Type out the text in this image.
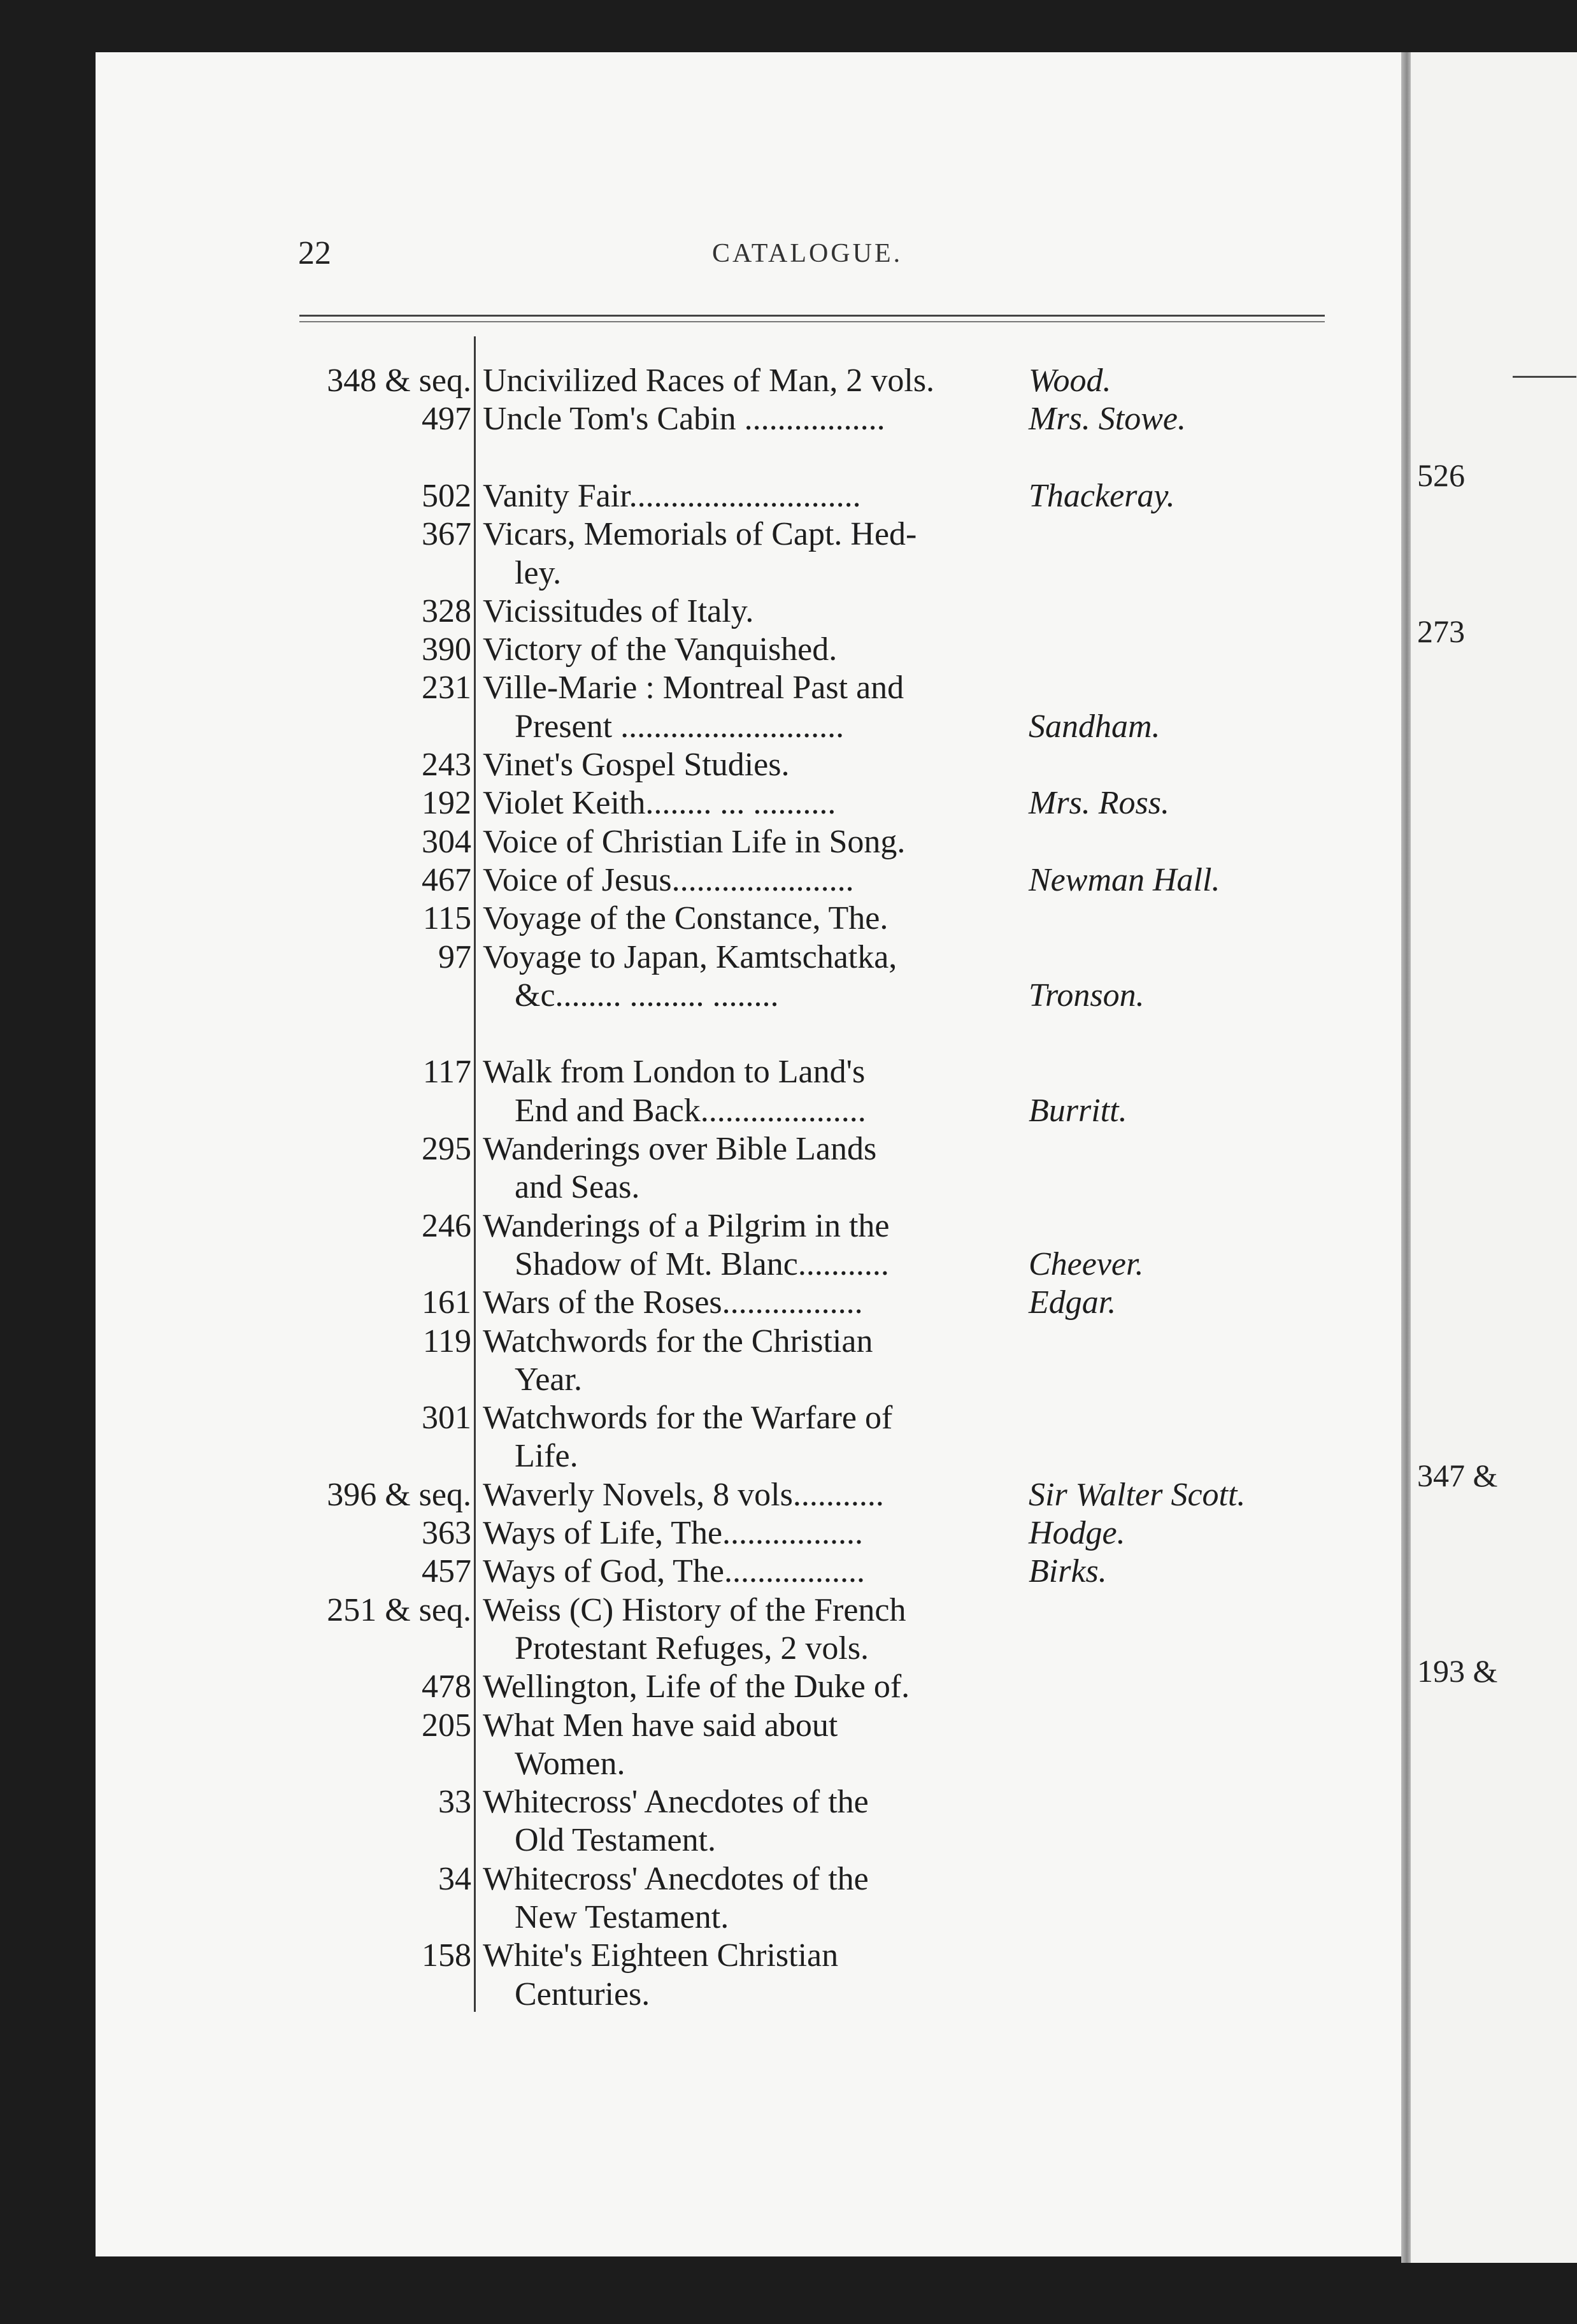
526
273
347 &
193 &
22	CATALOGUE.
348 & seq. Uncivilized Races of Man, 2 vols.	Wood.
497 Uncle Tom's Cabin .................	Mrs. Stowe.
502 Vanity Fair............................	Thackeray.
367 Vicars, Memorials of Capt. Hed-
ley.
328 Vicissitudes of Italy.
390 Victory of the Vanquished.
231 Ville-Marie : Montreal Past and
Present ...........................	Sandham.
243 Vinet's Gospel Studies.
192 Violet Keith........ ... ..........	Mrs. Ross.
304 Voice of Christian Life in Song.
467 Voice of Jesus......................	Newman Hall.
115 Voyage of the Constance, The.
97 Voyage to Japan, Kamtschatka,
&c........ ......... ........	Tronson.
117 Walk from London to Land's
End and Back....................	Burritt.
295 Wanderings over Bible Lands
and Seas.
246 Wanderings of a Pilgrim in the
Shadow of Mt. Blanc...........	Cheever.
161 Wars of the Roses.................	Edgar.
119 Watchwords for the Christian
Year.
301 Watchwords for the Warfare of
Life.
396 & seq. Waverly Novels, 8 vols...........	Sir Walter Scott.
363 Ways of Life, The.................	Hodge.
457 Ways of God, The.................	Birks.
251 & seq. Weiss (C) History of the French
Protestant Refuges, 2 vols.
478 Wellington, Life of the Duke of.
205 What Men have said about
Women.
33 Whitecross' Anecdotes of the
Old Testament.
34 Whitecross' Anecdotes of the
New Testament.
158 White's Eighteen Christian
Centuries.
